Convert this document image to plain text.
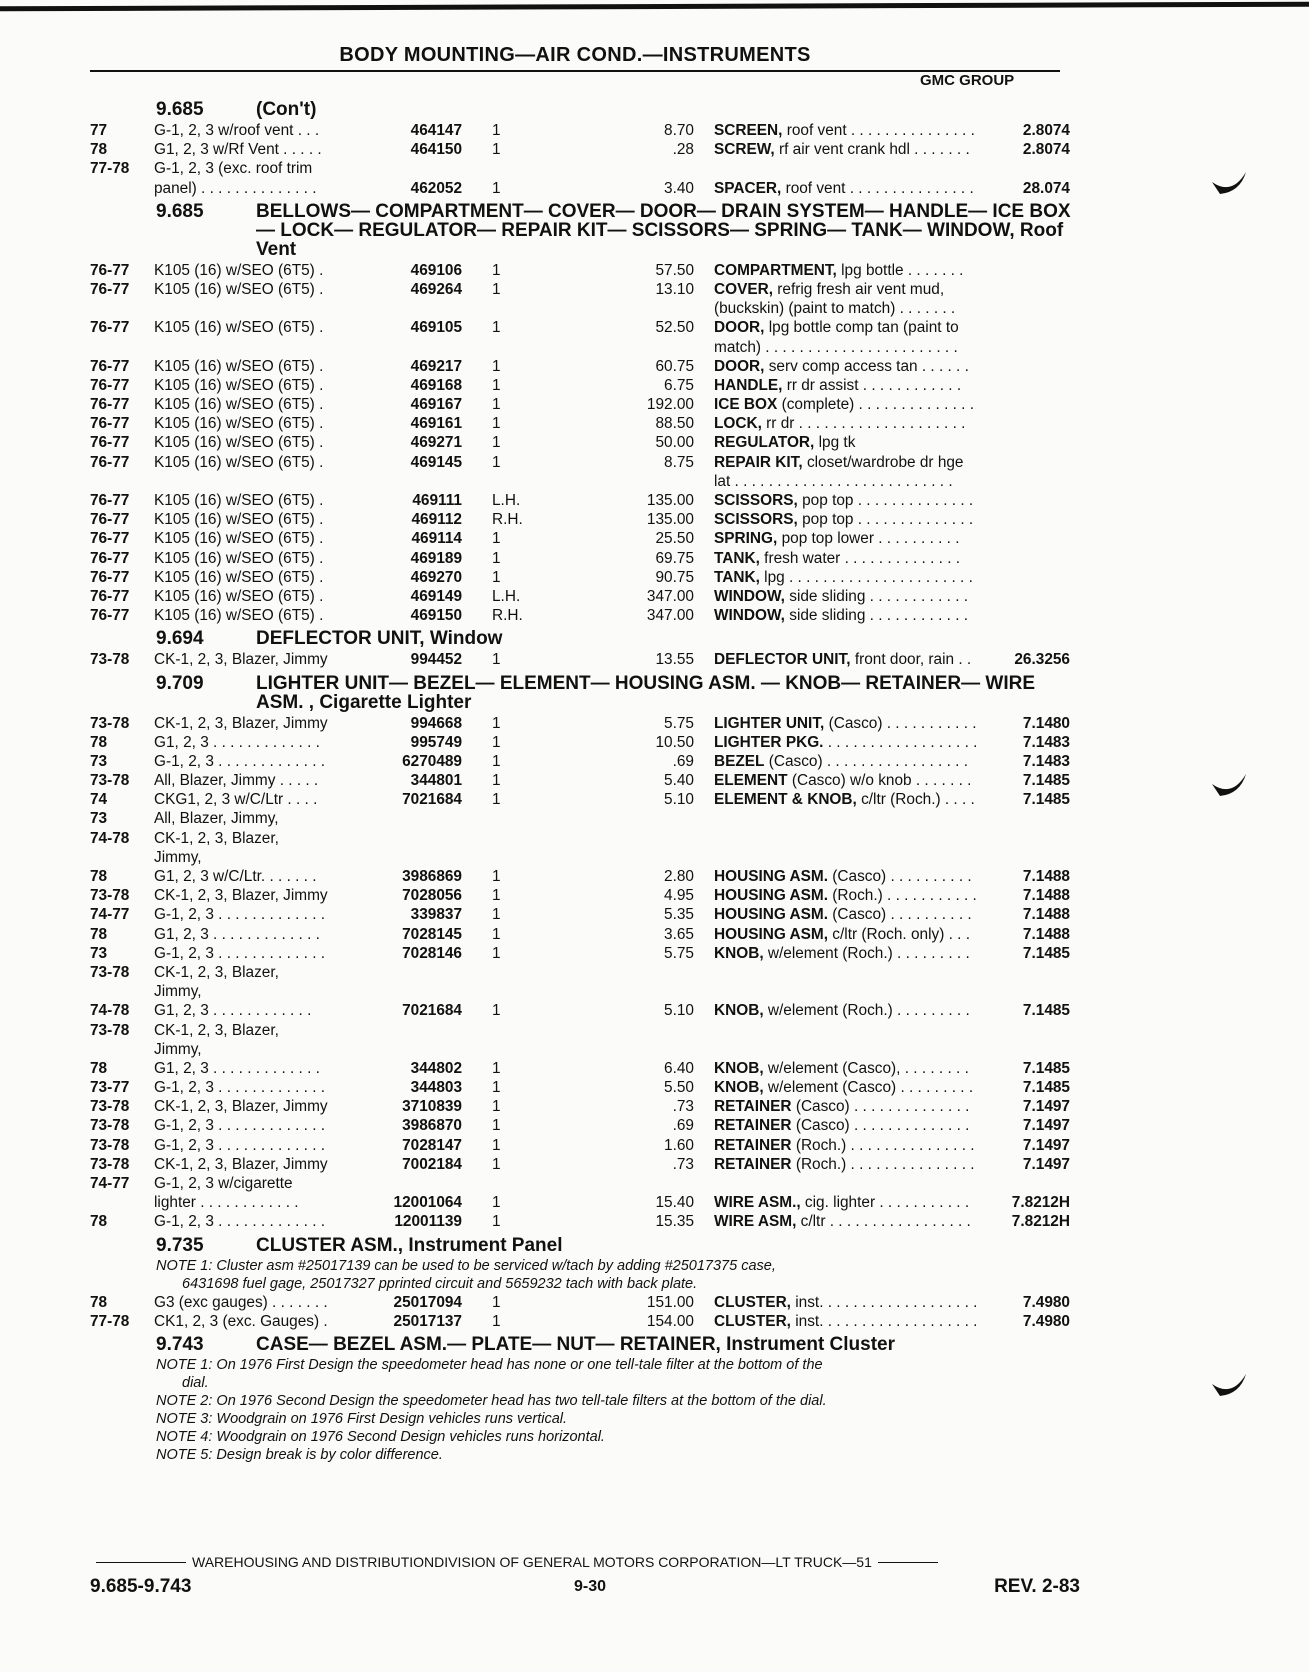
BODY MOUNTING—AIR COND.—INSTRUMENTS
GMC GROUP
9.685	(Con't)
77	G-1, 2, 3 w/roof vent . . .	464147 1	8.70 SCREEN, roof vent . . . . . . . . . . . . . . .	2.8074
78	G1, 2, 3 w/Rf Vent . . . . .	464150 1	.28 SCREW, rf air vent crank hdl . . . . . . .	2.8074
77-78 G-1, 2, 3 (exc. roof trim
panel) . . . . . . . . . . . . . .	462052 1	3.40 SPACER, roof vent . . . . . . . . . . . . . . .	28.074
9.685	BELLOWS— COMPARTMENT— COVER— DOOR— DRAIN SYSTEM— HANDLE— ICE BOX— LOCK— REGULATOR— REPAIR KIT— SCISSORS— SPRING— TANK— WINDOW, Roof Vent
76-77 K105 (16) w/SEO (6T5) .	469106 1	57.50 COMPARTMENT, lpg bottle . . . . . . .
76-77 K105 (16) w/SEO (6T5) .	469264 1	13.10 COVER, refrig fresh air vent mud,
(buckskin) (paint to match) . . . . . . .
76-77 K105 (16) w/SEO (6T5) .	469105 1	52.50 DOOR, lpg bottle comp tan (paint to
match) . . . . . . . . . . . . . . . . . . . . . . .
76-77 K105 (16) w/SEO (6T5) .	469217 1	60.75 DOOR, serv comp access tan . . . . . .
76-77 K105 (16) w/SEO (6T5) .	469168 1	6.75 HANDLE, rr dr assist . . . . . . . . . . . .
76-77 K105 (16) w/SEO (6T5) .	469167 1	192.00 ICE BOX (complete) . . . . . . . . . . . . . .
76-77 K105 (16) w/SEO (6T5) .	469161 1	88.50 LOCK, rr dr . . . . . . . . . . . . . . . . . . . .
76-77 K105 (16) w/SEO (6T5) .	469271 1	50.00 REGULATOR, lpg tk
76-77 K105 (16) w/SEO (6T5) .	469145 1	8.75 REPAIR KIT, closet/wardrobe dr hge
lat . . . . . . . . . . . . . . . . . . . . . . . . . .
76-77 K105 (16) w/SEO (6T5) .	469111 L.H.	135.00 SCISSORS, pop top . . . . . . . . . . . . . .
76-77 K105 (16) w/SEO (6T5) .	469112 R.H.	135.00 SCISSORS, pop top . . . . . . . . . . . . . .
76-77 K105 (16) w/SEO (6T5) .	469114 1	25.50 SPRING, pop top lower . . . . . . . . . .
76-77 K105 (16) w/SEO (6T5) .	469189 1	69.75 TANK, fresh water . . . . . . . . . . . . . .
76-77 K105 (16) w/SEO (6T5) .	469270 1	90.75 TANK, lpg . . . . . . . . . . . . . . . . . . . . . .
76-77 K105 (16) w/SEO (6T5) .	469149 L.H.	347.00 WINDOW, side sliding . . . . . . . . . . . .
76-77 K105 (16) w/SEO (6T5) .	469150 R.H.	347.00 WINDOW, side sliding . . . . . . . . . . . .
9.694	DEFLECTOR UNIT, Window
73-78 CK-1, 2, 3, Blazer, Jimmy	994452 1	13.55 DEFLECTOR UNIT, front door, rain . .	26.3256
9.709	LIGHTER UNIT— BEZEL— ELEMENT— HOUSING ASM. — KNOB— RETAINER— WIRE ASM. , Cigarette Lighter
73-78 CK-1, 2, 3, Blazer, Jimmy	994668 1	5.75 LIGHTER UNIT, (Casco) . . . . . . . . . . .	7.1480
78	G1, 2, 3 . . . . . . . . . . . . .	995749 1	10.50 LIGHTER PKG. . . . . . . . . . . . . . . . . . .	7.1483
73	G-1, 2, 3 . . . . . . . . . . . . .	6270489 1	.69 BEZEL (Casco) . . . . . . . . . . . . . . . . .	7.1483
73-78 All, Blazer, Jimmy . . . . .	344801 1	5.40 ELEMENT (Casco) w/o knob . . . . . . .	7.1485
74	CKG1, 2, 3 w/C/Ltr . . . .	7021684 1	5.10 ELEMENT & KNOB, c/ltr (Roch.) . . . .	7.1485
73	All, Blazer, Jimmy,
74-78 CK-1, 2, 3, Blazer,
Jimmy,
78	G1, 2, 3 w/C/Ltr. . . . . . .	3986869 1	2.80 HOUSING ASM. (Casco) . . . . . . . . . .	7.1488
73-78 CK-1, 2, 3, Blazer, Jimmy	7028056 1	4.95 HOUSING ASM. (Roch.) . . . . . . . . . . .	7.1488
74-77 G-1, 2, 3 . . . . . . . . . . . . .	339837 1	5.35 HOUSING ASM. (Casco) . . . . . . . . . .	7.1488
78	G1, 2, 3 . . . . . . . . . . . . .	7028145 1	3.65 HOUSING ASM, c/ltr (Roch. only) . . .	7.1488
73	G-1, 2, 3 . . . . . . . . . . . . .	7028146 1	5.75 KNOB, w/element (Roch.) . . . . . . . . .	7.1485
73-78 CK-1, 2, 3, Blazer,
Jimmy,
74-78 G1, 2, 3 . . . . . . . . . . . .	7021684 1	5.10 KNOB, w/element (Roch.) . . . . . . . . .	7.1485
73-78 CK-1, 2, 3, Blazer,
Jimmy,
78	G1, 2, 3 . . . . . . . . . . . . .	344802 1	6.40 KNOB, w/element (Casco), . . . . . . . .	7.1485
73-77 G-1, 2, 3 . . . . . . . . . . . . .	344803 1	5.50 KNOB, w/element (Casco) . . . . . . . . .	7.1485
73-78 CK-1, 2, 3, Blazer, Jimmy	3710839 1	.73 RETAINER (Casco) . . . . . . . . . . . . . .	7.1497
73-78 G-1, 2, 3 . . . . . . . . . . . . .	3986870 1	.69 RETAINER (Casco) . . . . . . . . . . . . . .	7.1497
73-78 G-1, 2, 3 . . . . . . . . . . . . .	7028147 1	1.60 RETAINER (Roch.) . . . . . . . . . . . . . . .	7.1497
73-78 CK-1, 2, 3, Blazer, Jimmy	7002184 1	.73 RETAINER (Roch.) . . . . . . . . . . . . . . .	7.1497
74-77 G-1, 2, 3 w/cigarette
lighter . . . . . . . . . . . .	12001064 1	15.40 WIRE ASM., cig. lighter . . . . . . . . . . .	7.8212H
78	G-1, 2, 3 . . . . . . . . . . . . .	12001139 1	15.35 WIRE ASM, c/ltr . . . . . . . . . . . . . . . . .	7.8212H
9.735	CLUSTER ASM., Instrument Panel
NOTE 1: Cluster asm #25017139 can be used to be serviced w/tach by adding #25017375 case,
6431698 fuel gage, 25017327 pprinted circuit and 5659232 tach with back plate.
78	G3 (exc gauges) . . . . . . .	25017094 1	151.00 CLUSTER, inst. . . . . . . . . . . . . . . . . . .	7.4980
77-78 CK1, 2, 3 (exc. Gauges) .	25017137 1	154.00 CLUSTER, inst. . . . . . . . . . . . . . . . . . .	7.4980
9.743	CASE— BEZEL ASM.— PLATE— NUT— RETAINER, Instrument Cluster
NOTE 1: On 1976 First Design the speedometer head has none or one tell-tale filter at the bottom of the
dial.
NOTE 2: On 1976 Second Design the speedometer head has two tell-tale filters at the bottom of the dial.
NOTE 3: Woodgrain on 1976 First Design vehicles runs vertical.
NOTE 4: Woodgrain on 1976 Second Design vehicles runs horizontal.
NOTE 5: Design break is by color difference.
WAREHOUSING AND DISTRIBUTIONDIVISION OF GENERAL MOTORS CORPORATION—LT TRUCK—51
9.685-9.743	9-30	REV. 2-83
